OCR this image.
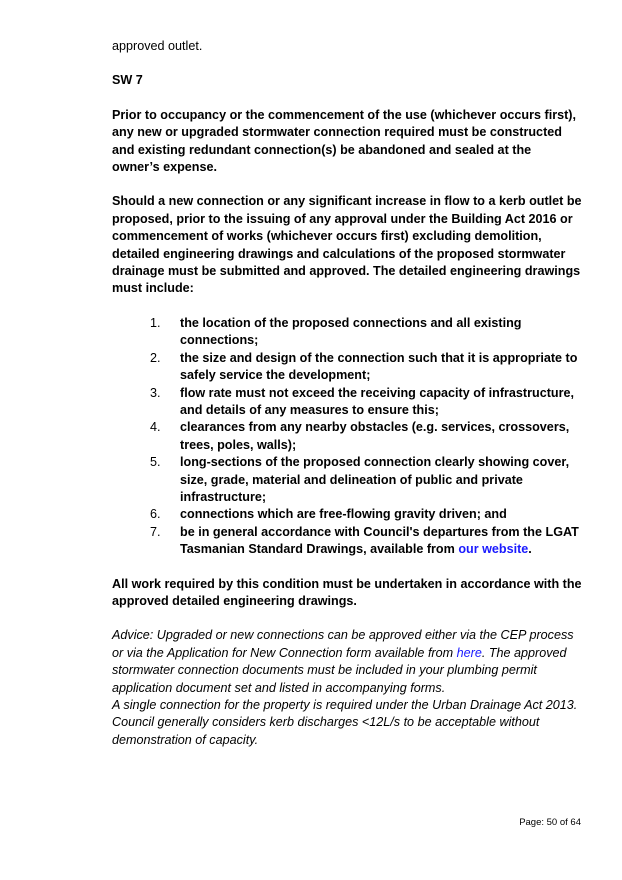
approved outlet.

SW 7

Prior to occupancy or the commencement of the use (whichever occurs first), any new or upgraded stormwater connection required must be constructed and existing redundant connection(s) be abandoned and sealed at the owner’s expense.

Should a new connection or any significant increase in flow to a kerb outlet be proposed, prior to the issuing of any approval under the Building Act 2016 or commencement of works (whichever occurs first) excluding demolition, detailed engineering drawings and calculations of the proposed stormwater drainage must be submitted and approved. The detailed engineering drawings must include:

1. the location of the proposed connections and all existing connections;
2. the size and design of the connection such that it is appropriate to safely service the development;
3. flow rate must not exceed the receiving capacity of infrastructure, and details of any measures to ensure this;
4. clearances from any nearby obstacles (e.g. services, crossovers, trees, poles, walls);
5. long-sections of the proposed connection clearly showing cover, size, grade, material and delineation of public and private infrastructure;
6. connections which are free-flowing gravity driven; and
7. be in general accordance with Council's departures from the LGAT Tasmanian Standard Drawings, available from our website.

All work required by this condition must be undertaken in accordance with the approved detailed engineering drawings.

Advice: Upgraded or new connections can be approved either via the CEP process or via the Application for New Connection form available from here. The approved stormwater connection documents must be included in your plumbing permit application document set and listed in accompanying forms.

A single connection for the property is required under the Urban Drainage Act 2013. Council generally considers kerb discharges <12L/s to be acceptable without demonstration of capacity.

Page: 50 of 64
